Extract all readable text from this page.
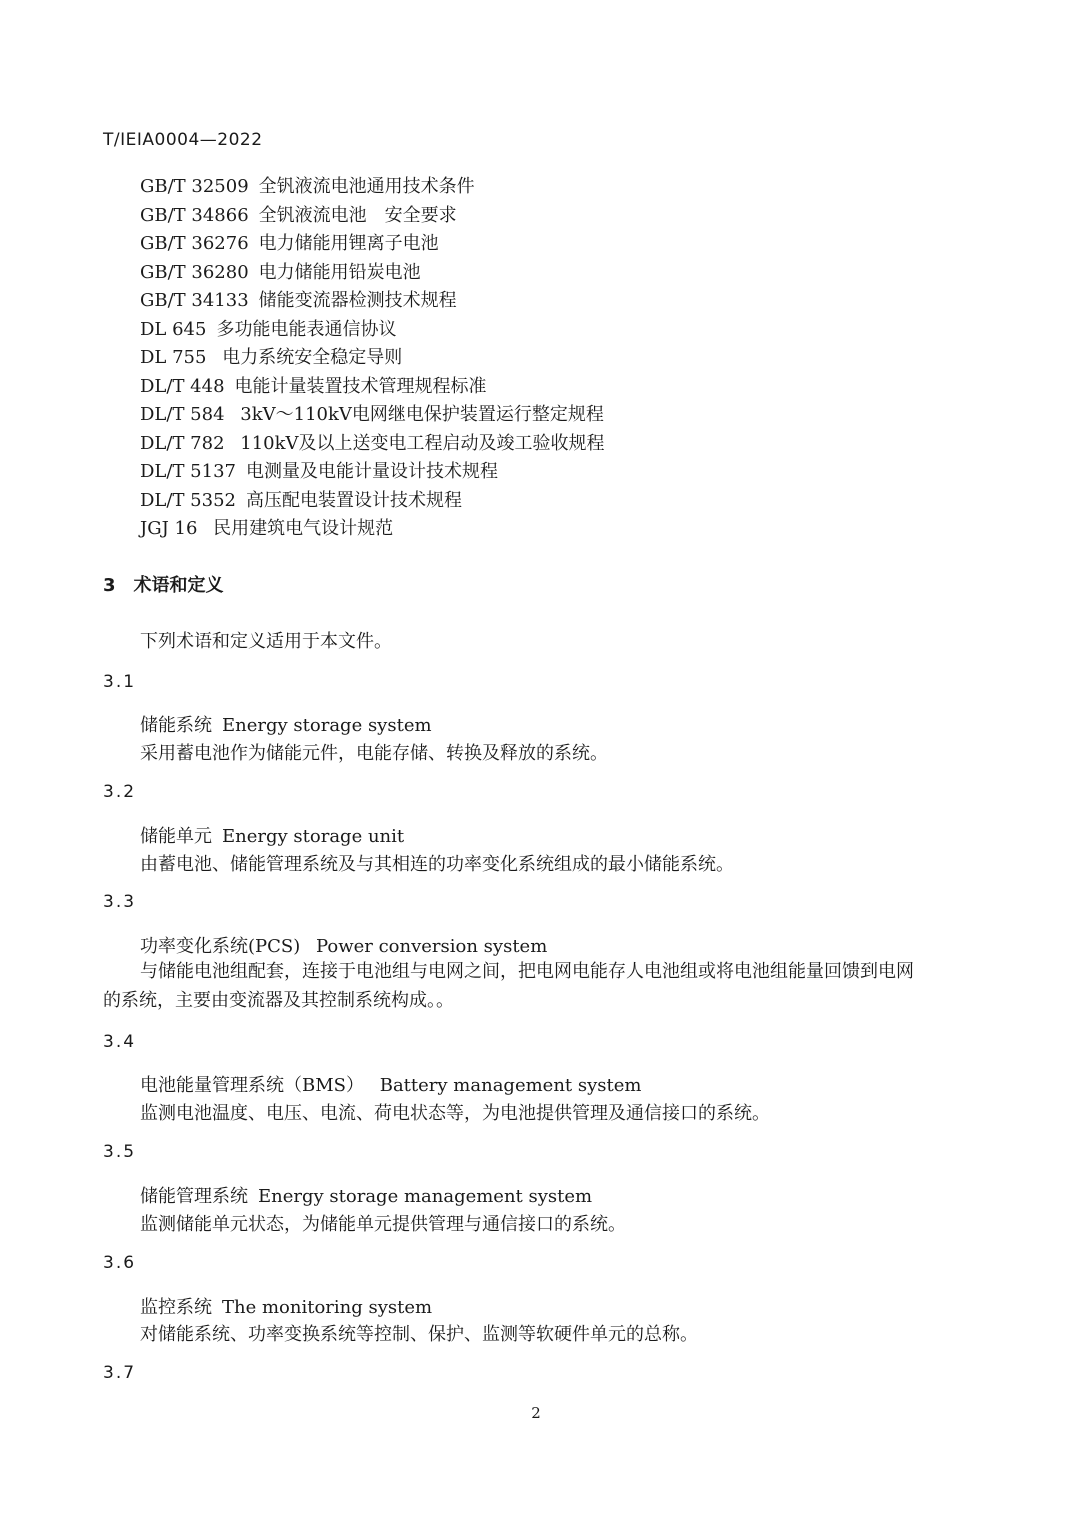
T/IEIA0004—2022
GB/T 32509 全钒液流电池通用技术条件
GB/T 34866 全钒液流电池　安全要求
GB/T 36276 电力储能用锂离子电池
GB/T 36280 电力储能用铅炭电池
GB/T 34133 储能变流器检测技术规程
DL 645 多功能电能表通信协议
DL 755 电力系统安全稳定导则
DL/T 448 电能计量装置技术管理规程标准
DL/T 584 3kV～110kV电网继电保护装置运行整定规程
DL/T 782 110kV及以上送变电工程启动及竣工验收规程
DL/T 5137 电测量及电能计量设计技术规程
DL/T 5352 高压配电装置设计技术规程
JGJ 16 民用建筑电气设计规范
3 术语和定义
下列术语和定义适用于本文件。
3.1
储能系统 Energy storage system
采用蓄电池作为储能元件，电能存储、转换及释放的系统。
3.2
储能单元 Energy storage unit
由蓄电池、储能管理系统及与其相连的功率变化系统组成的最小储能系统。
3.3
功率变化系统(PCS) Power conversion system
与储能电池组配套，连接于电池组与电网之间，把电网电能存人电池组或将电池组能量回馈到电网
的系统，主要由变流器及其控制系统构成。。
3.4
电池能量管理系统（BMS） Battery management system
监测电池温度、电压、电流、荷电状态等，为电池提供管理及通信接口的系统。
3.5
储能管理系统 Energy storage management system
监测储能单元状态，为储能单元提供管理与通信接口的系统。
3.6
监控系统 The monitoring system
对储能系统、功率变换系统等控制、保护、监测等软硬件单元的总称。
3.7
2
